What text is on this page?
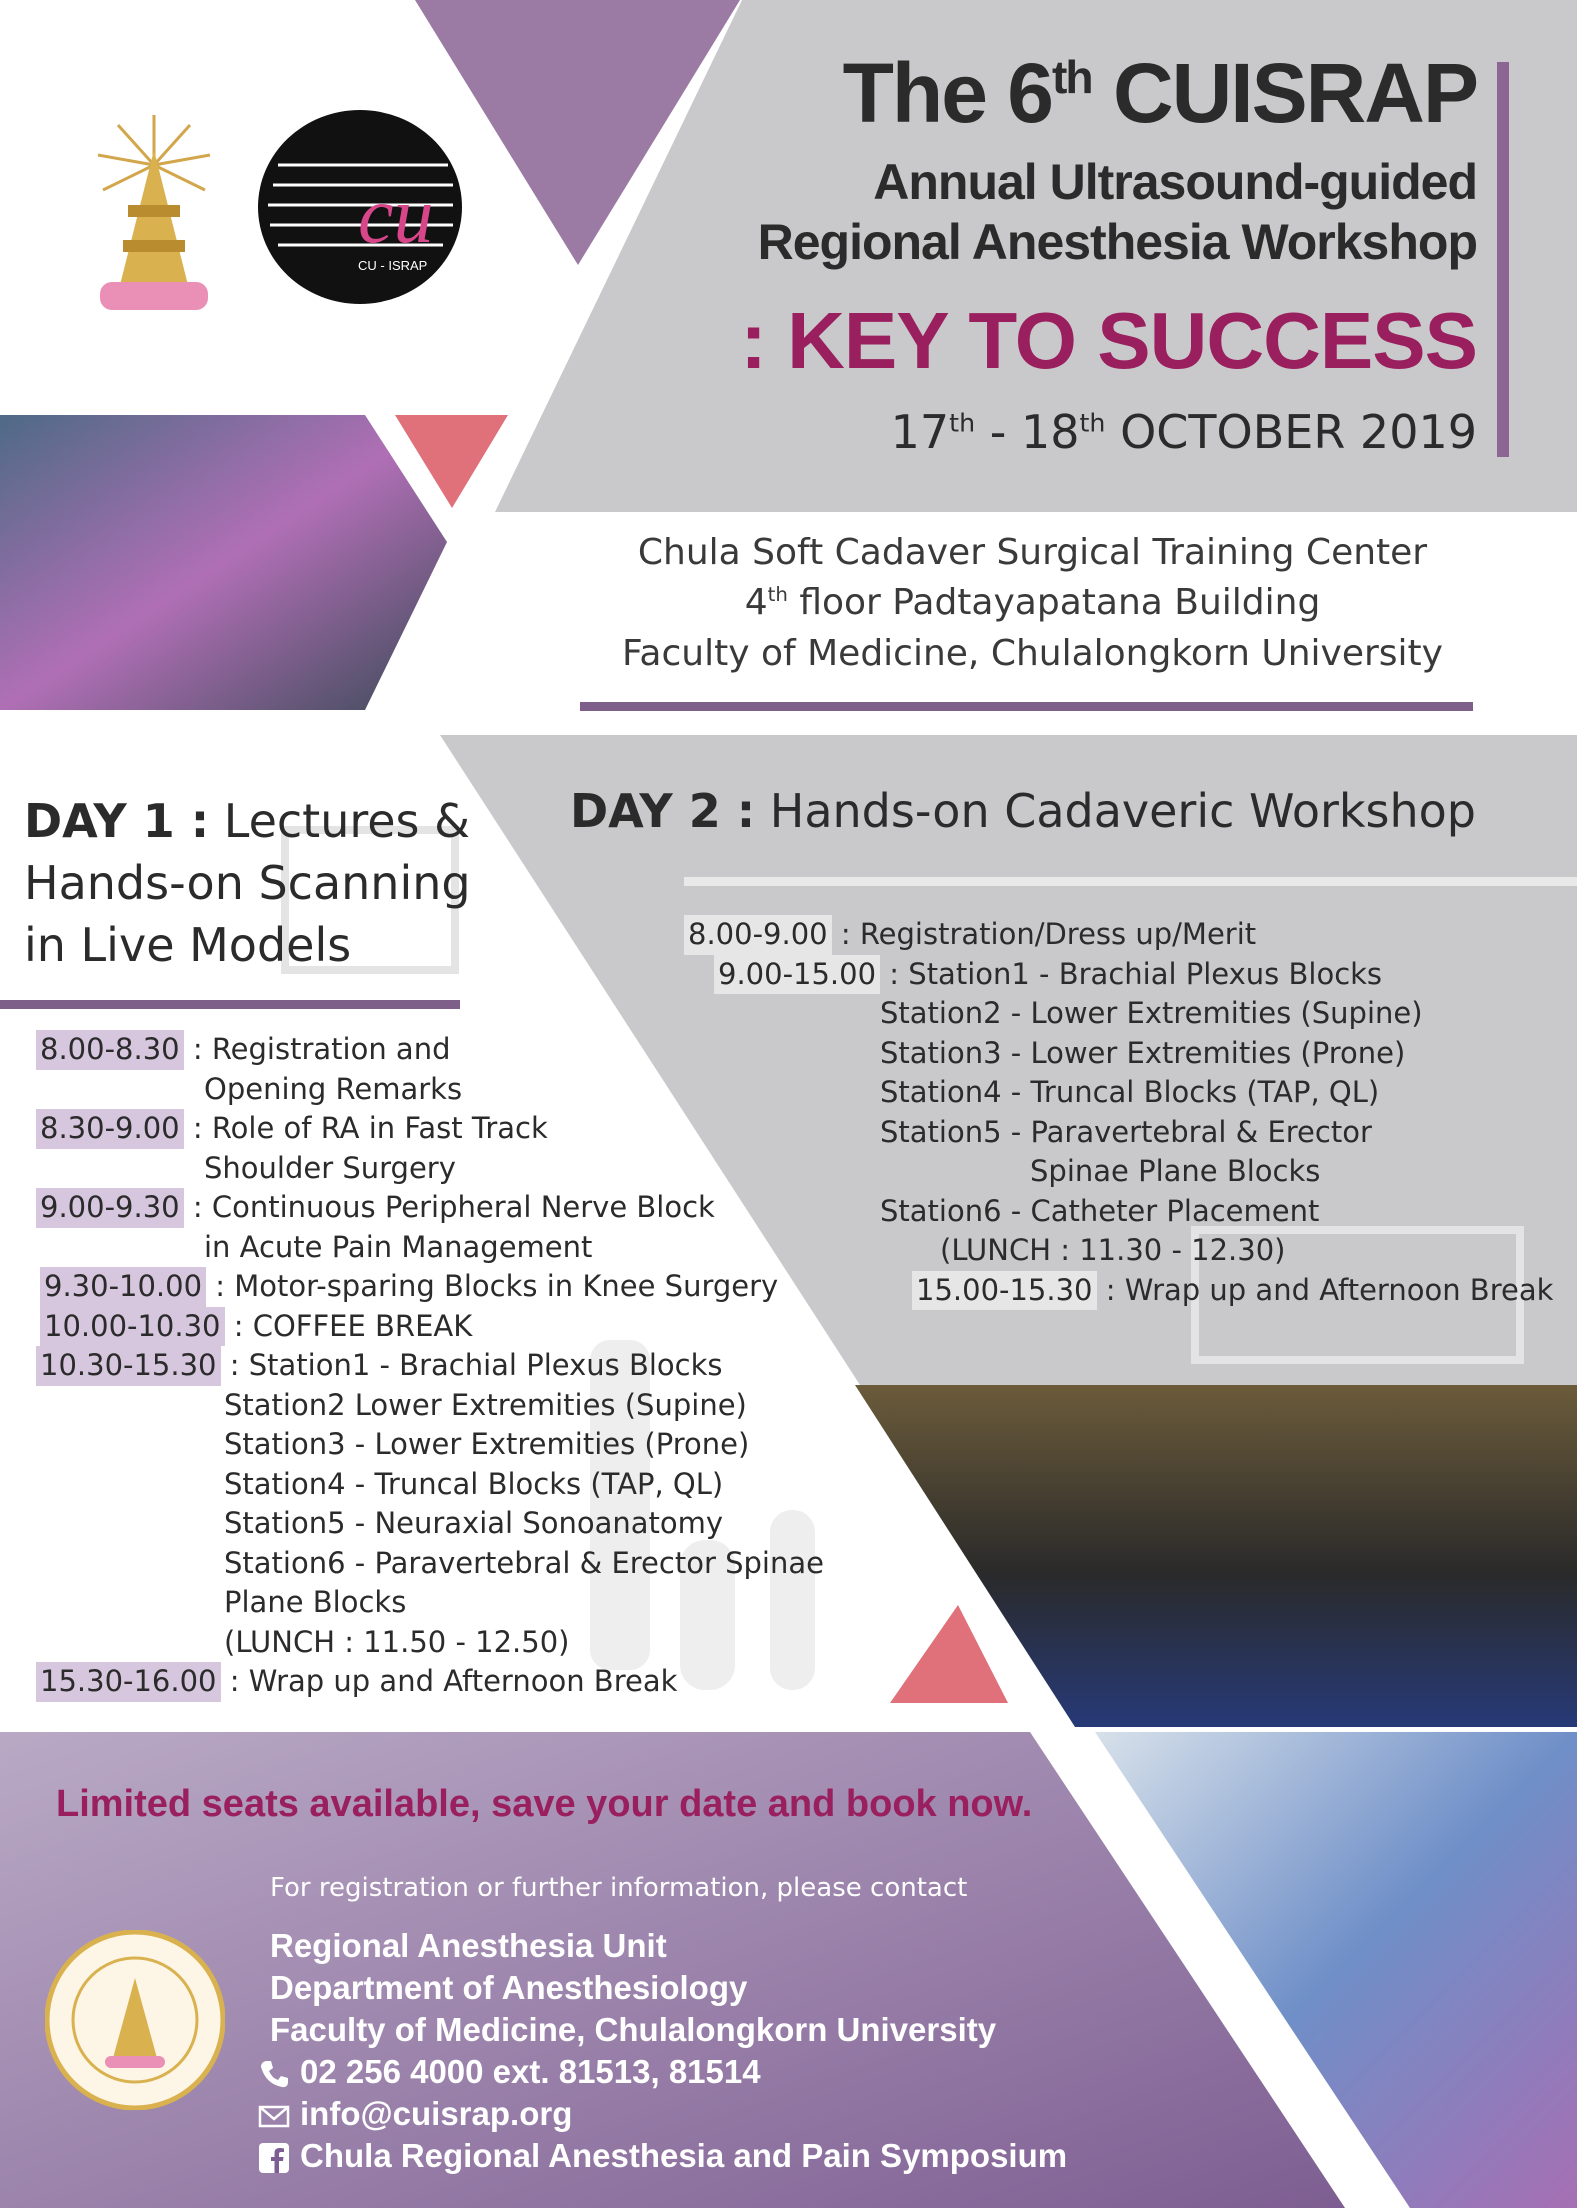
cu
CU - ISRAP
The 6th CUISRAP
Annual Ultrasound-guided
Regional Anesthesia Workshop
: KEY TO SUCCESS
17th - 18th OCTOBER 2019
Chula Soft Cadaver Surgical Training Center
4th floor Padtayapatana Building
Faculty of Medicine, Chulalongkorn University
DAY 1 : Lectures &
Hands-on Scanning
in Live Models
DAY 2 : Hands-on Cadaveric Workshop
8.00-8.30 : Registration and
Opening Remarks
8.30-9.00 : Role of RA in Fast Track
Shoulder Surgery
9.00-9.30 : Continuous Peripheral Nerve Block
in Acute Pain Management
9.30-10.00 : Motor-sparing Blocks in Knee Surgery
10.00-10.30 : COFFEE BREAK
10.30-15.30 : Station1 - Brachial Plexus Blocks
Station2 Lower Extremities (Supine)
Station3 - Lower Extremities (Prone)
Station4 - Truncal Blocks (TAP, QL)
Station5 - Neuraxial Sonoanatomy
Station6 - Paravertebral & Erector Spinae
Plane Blocks
(LUNCH : 11.50 - 12.50)
15.30-16.00 : Wrap up and Afternoon Break
8.00-9.00 : Registration/Dress up/Merit
9.00-15.00 : Station1 - Brachial Plexus Blocks
Station2 - Lower Extremities (Supine)
Station3 - Lower Extremities (Prone)
Station4 - Truncal Blocks (TAP, QL)
Station5 - Paravertebral & Erector
Spinae Plane Blocks
Station6 - Catheter Placement
(LUNCH : 11.30 - 12.30)
15.00-15.30 : Wrap up and Afternoon Break
Limited seats available, save your date and book now.
For registration or further information, please contact
Regional Anesthesia Unit
Department of Anesthesiology
Faculty of Medicine, Chulalongkorn University
02 256 4000 ext. 81513, 81514
info@cuisrap.org
Chula Regional Anesthesia and Pain Symposium
